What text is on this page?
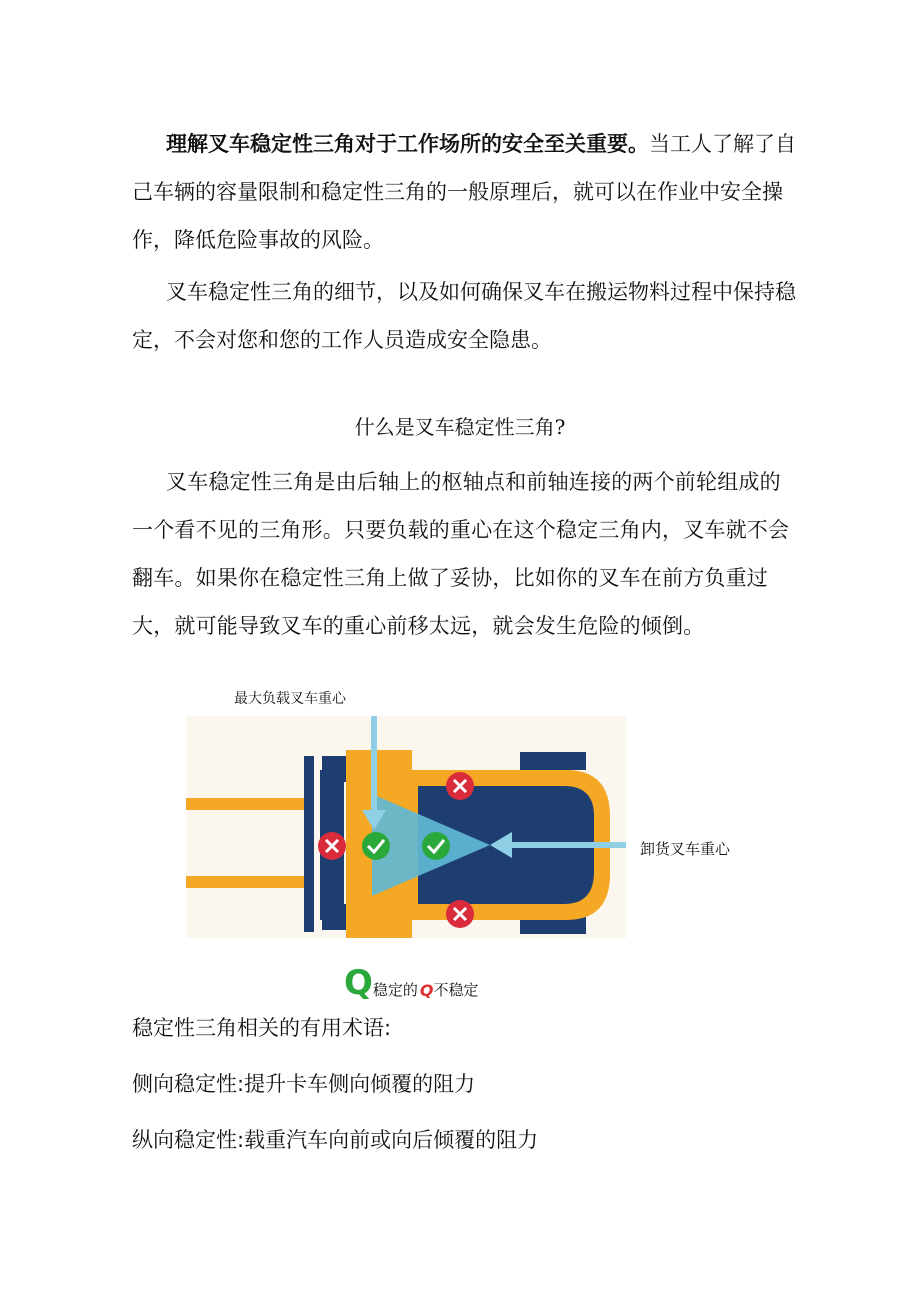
理解叉车稳定性三角对于工作场所的安全至关重要。当工人了解了自己车辆的容量限制和稳定性三角的一般原理后，就可以在作业中安全操作，降低危险事故的风险。

叉车稳定性三角的细节，以及如何确保叉车在搬运物料过程中保持稳定，不会对您和您的工作人员造成安全隐患。

什么是叉车稳定性三角?

叉车稳定性三角是由后轴上的枢轴点和前轴连接的两个前轮组成的一个看不见的三角形。只要负载的重心在这个稳定三角内，叉车就不会翻车。如果你在稳定性三角上做了妥协，比如你的叉车在前方负重过大，就可能导致叉车的重心前移太远，就会发生危险的倾倒。

最大负载叉车重心

卸货叉车重心

Q 稳定的 Q 不稳定

稳定性三角相关的有用术语:

侧向稳定性:提升卡车侧向倾覆的阻力

纵向稳定性:载重汽车向前或向后倾覆的阻力
